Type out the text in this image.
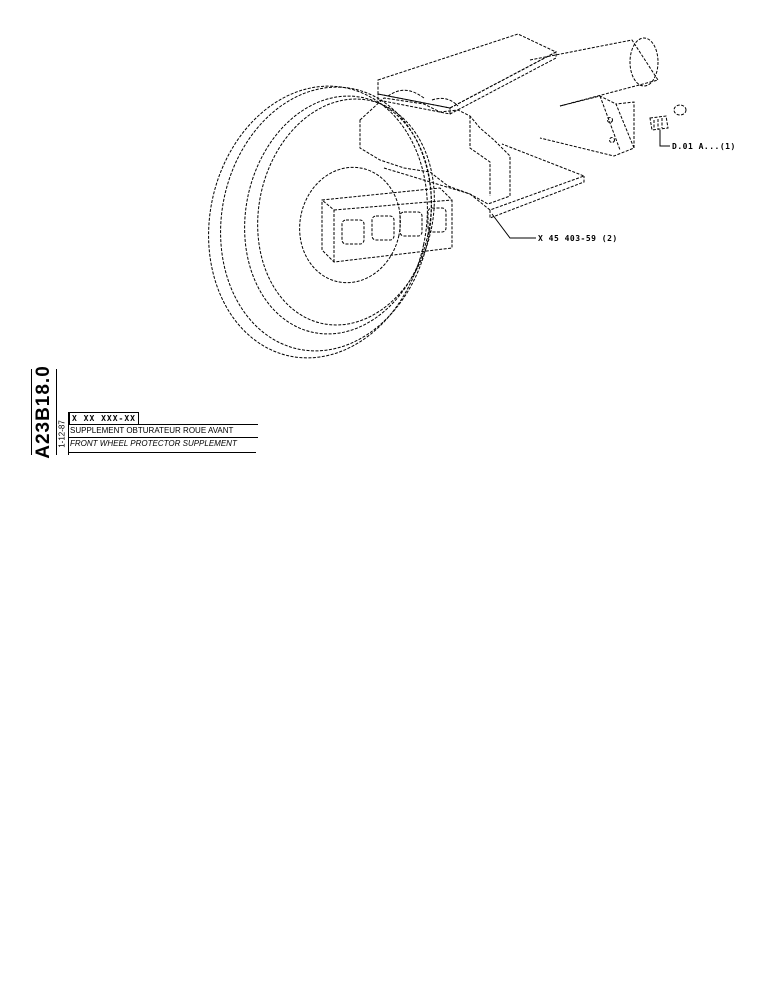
D.01 A...(1)
X 45 403-59 (2)
A23B18.0 1-12-87
X XX XXX-XX
SUPPLEMENT OBTURATEUR ROUE AVANT
FRONT WHEEL PROTECTOR SUPPLEMENT
